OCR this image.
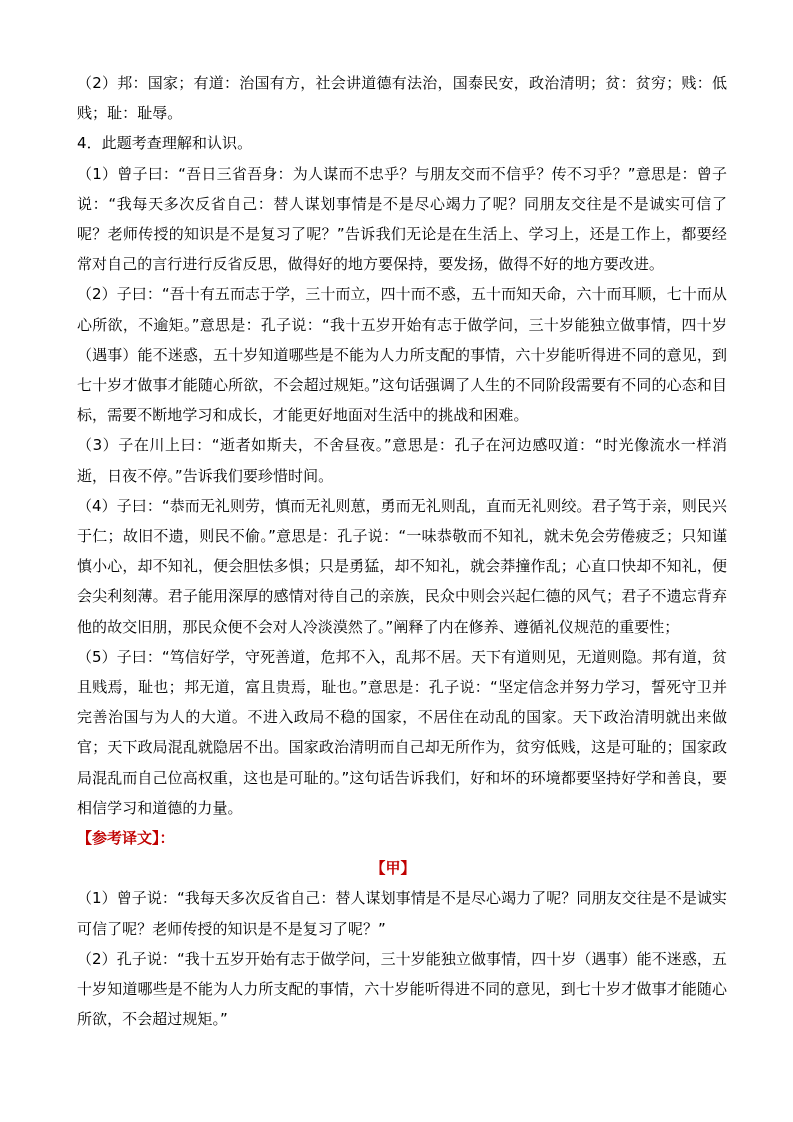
（2）邦：国家；有道：治国有方，社会讲道德有法治，国泰民安，政治清明；贫：贫穷；贱：低贱；耻：耻辱。

4．此题考查理解和认识。

（1）曾子曰：“吾日三省吾身：为人谋而不忠乎？与朋友交而不信乎？传不习乎？”意思是：曾子说：“我每天多次反省自己：替人谋划事情是不是尽心竭力了呢？同朋友交往是不是诚实可信了呢？老师传授的知识是不是复习了呢？”告诉我们无论是在生活上、学习上，还是工作上，都要经常对自己的言行进行反省反思，做得好的地方要保持，要发扬，做得不好的地方要改进。

（2）子曰：“吾十有五而志于学，三十而立，四十而不惑，五十而知天命，六十而耳顺，七十而从心所欲，不逾矩。”意思是：孔子说：“我十五岁开始有志于做学问，三十岁能独立做事情，四十岁（遇事）能不迷惑，五十岁知道哪些是不能为人力所支配的事情，六十岁能听得进不同的意见，到七十岁才做事才能随心所欲，不会超过规矩。”这句话强调了人生的不同阶段需要有不同的心态和目标，需要不断地学习和成长，才能更好地面对生活中的挑战和困难。

（3）子在川上曰：“逝者如斯夫，不舍昼夜。”意思是：孔子在河边感叹道：“时光像流水一样消逝，日夜不停。”告诉我们要珍惜时间。

（4）子曰：“恭而无礼则劳，慎而无礼则葸，勇而无礼则乱，直而无礼则绞。君子笃于亲，则民兴于仁；故旧不遗，则民不偷。”意思是：孔子说：“一味恭敬而不知礼，就未免会劳倦疲乏；只知谨慎小心，却不知礼，便会胆怯多惧；只是勇猛，却不知礼，就会莽撞作乱；心直口快却不知礼，便会尖利刻薄。君子能用深厚的感情对待自己的亲族，民众中则会兴起仁德的风气；君子不遗忘背弃他的故交旧朋，那民众便不会对人冷淡漠然了。”阐释了内在修养、遵循礼仪规范的重要性；

（5）子曰：“笃信好学，守死善道，危邦不入，乱邦不居。天下有道则见，无道则隐。邦有道，贫且贱焉，耻也；邦无道，富且贵焉，耻也。”意思是：孔子说：“坚定信念并努力学习，誓死守卫并完善治国与为人的大道。不进入政局不稳的国家，不居住在动乱的国家。天下政治清明就出来做官；天下政局混乱就隐居不出。国家政治清明而自己却无所作为，贫穷低贱，这是可耻的；国家政局混乱而自己位高权重，这也是可耻的。”这句话告诉我们，好和坏的环境都要坚持好学和善良，要相信学习和道德的力量。

【参考译文】：

【甲】

（1）曾子说：“我每天多次反省自己：替人谋划事情是不是尽心竭力了呢？同朋友交往是不是诚实可信了呢？老师传授的知识是不是复习了呢？”

（2）孔子说：“我十五岁开始有志于做学问，三十岁能独立做事情，四十岁（遇事）能不迷惑，五十岁知道哪些是不能为人力所支配的事情，六十岁能听得进不同的意见，到七十岁才做事才能随心所欲，不会超过规矩。”
